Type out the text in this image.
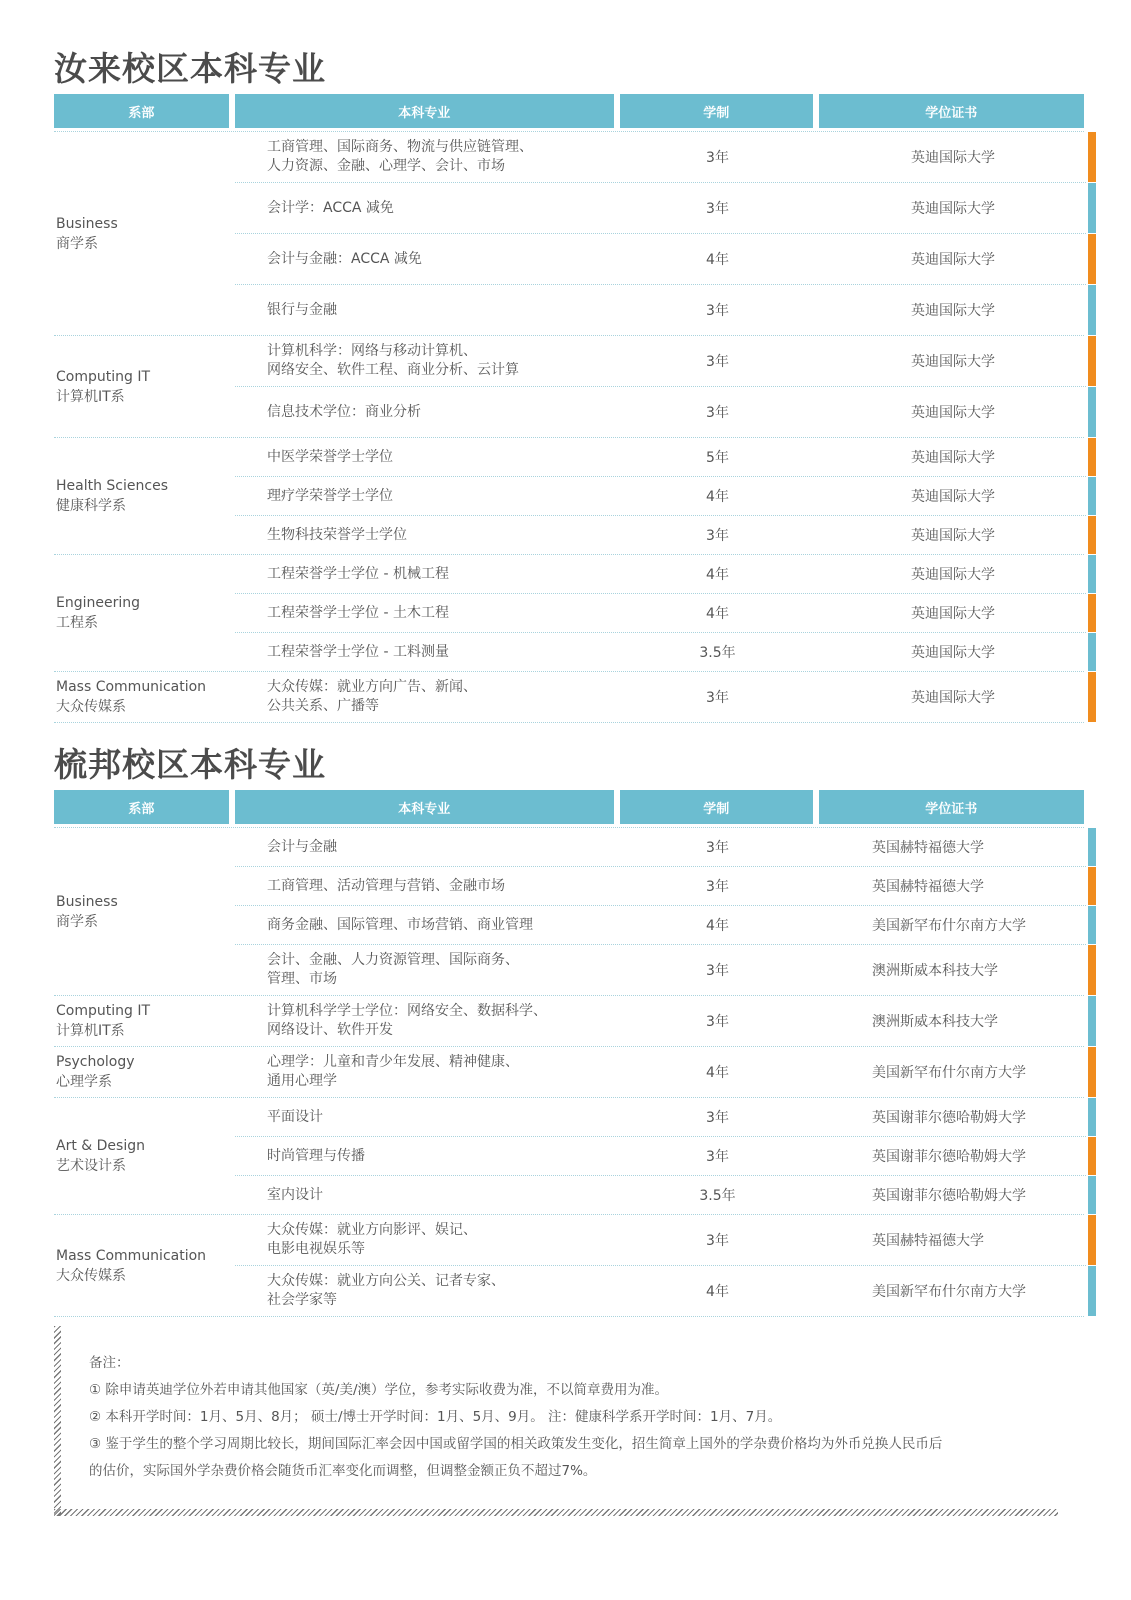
汝来校区本科专业
系部	本科专业	学制	学位证书
Business
商学系
工商管理、国际商务、物流与供应链管理、
人力资源、金融、心理学、会计、市场	3年	英迪国际大学
会计学：ACCA 减免	3年	英迪国际大学
会计与金融：ACCA 减免	4年	英迪国际大学
银行与金融	3年	英迪国际大学
Computing IT
计算机IT系
计算机科学：网络与移动计算机、
网络安全、软件工程、商业分析、云计算	3年	英迪国际大学
信息技术学位：商业分析	3年	英迪国际大学
Health Sciences
健康科学系
中医学荣誉学士学位	5年	英迪国际大学
理疗学荣誉学士学位	4年	英迪国际大学
生物科技荣誉学士学位	3年	英迪国际大学
Engineering
工程系
工程荣誉学士学位 - 机械工程	4年	英迪国际大学
工程荣誉学士学位 - 土木工程	4年	英迪国际大学
工程荣誉学士学位 - 工料测量	3.5年	英迪国际大学
Mass Communication
大众传媒系
大众传媒：就业方向广告、新闻、
公共关系、广播等	3年	英迪国际大学
梳邦校区本科专业
系部	本科专业	学制	学位证书
Business
商学系
会计与金融	3年	英国赫特福德大学
工商管理、活动管理与营销、金融市场	3年	英国赫特福德大学
商务金融、国际管理、市场营销、商业管理	4年	美国新罕布什尔南方大学
会计、金融、人力资源管理、国际商务、
管理、市场	3年	澳洲斯威本科技大学
Computing IT
计算机IT系
计算机科学学士学位：网络安全、数据科学、
网络设计、软件开发	3年	澳洲斯威本科技大学
Psychology
心理学系
心理学：儿童和青少年发展、精神健康、
通用心理学	4年	美国新罕布什尔南方大学
Art & Design
艺术设计系
平面设计	3年	英国谢菲尔德哈勒姆大学
时尚管理与传播	3年	英国谢菲尔德哈勒姆大学
室内设计	3.5年	英国谢菲尔德哈勒姆大学
Mass Communication
大众传媒系
大众传媒：就业方向影评、娱记、
电影电视娱乐等	3年	英国赫特福德大学
大众传媒：就业方向公关、记者专家、
社会学家等	4年	美国新罕布什尔南方大学

备注：

① 除申请英迪学位外若申请其他国家（英/美/澳）学位，参考实际收费为准，不以简章费用为准。

② 本科开学时间：1月、5月、8月； 硕士/博士开学时间：1月、5月、9月。 注：健康科学系开学时间：1月、7月。

③ 鉴于学生的整个学习周期比较长，期间国际汇率会因中国或留学国的相关政策发生变化，招生简章上国外的学杂费价格均为外币兑换人民币后

的估价，实际国外学杂费价格会随货币汇率变化而调整，但调整金额正负不超过7%。
